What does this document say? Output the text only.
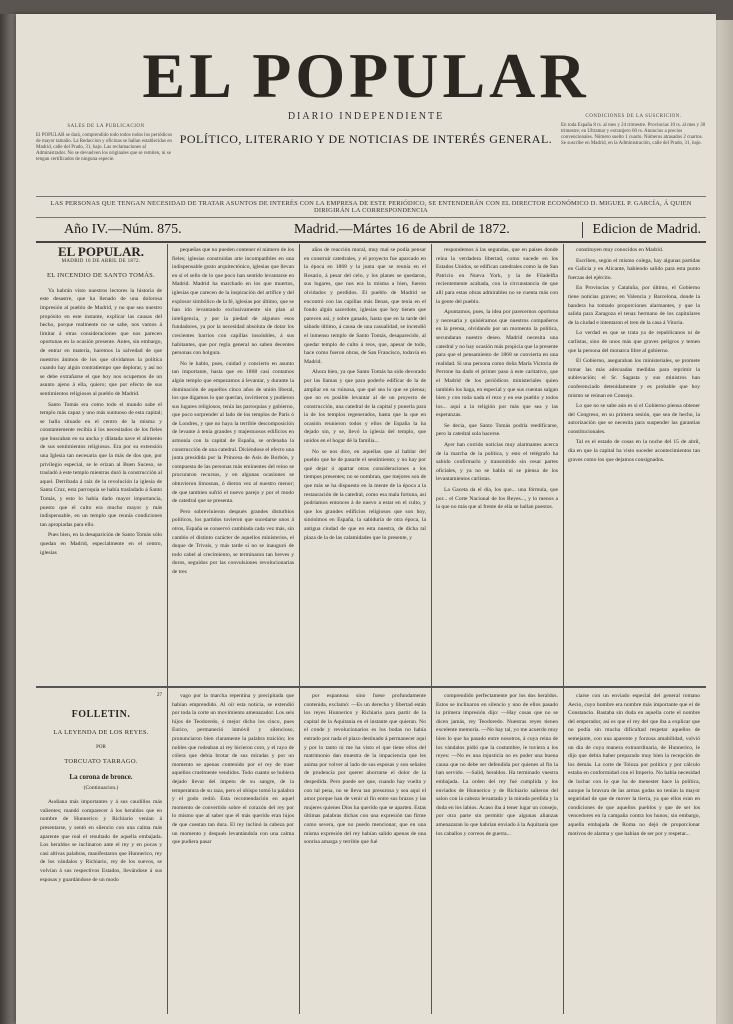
SALES DE LA PUBLICACION
El POPULAR se dará, comprendido todo todos todos los periódicos de mayor tamaño. La Redaccion y oficinas se hallan establecidas en Madrid, calle del Prado, 31, bajo. Las reclamaciones al Administrador. No se devuelven los originales que se remiten, ni se tengan certificados de ninguna especie.
CONDICIONES DE LA SUSCRICION.
En toda España 8 rs. al mes y 24 trimestre. Provincias 10 rs. al mes y 30 trimestre; en Ultramar y extranjero 60 rs. Anuncios a precios convencionales. Número suelto 1 cuarto. Números atrasados 2 cuartos. Se suscribe en Madrid, en la Administración, calle del Prado, 31, bajo.
EL POPULAR
DIARIO INDEPENDIENTE
POLÍTICO, LITERARIO Y DE NOTICIAS DE INTERÉS GENERAL.
LAS PERSONAS QUE TENGAN NECESIDAD DE TRATAR ASUNTOS DE INTERÉS CON LA EMPRESA DE ESTE PERIÓDICO, SE ENTENDERÁN CON EL DIRECTOR ECONÓMICO D. MIGUEL P. GARCÍA, Á QUIEN DIRIGIRÁN LA CORRESPONDENCIA
Año IV.—Núm. 875.	Madrid.—Mártes 16 de Abril de 1872.	Edicion de Madrid.
EL POPULAR.
MADRID 16 DE ABRIL DE 1872.
EL INCENDIO DE SANTO TOMÁS.

Ya habrán visto nuestros lectores la historia de este desastre, que ha llenado de una dolorosa impresión al pueblo de Madrid, y no que sea nuestro propósito en este instante, explicar las causas del hecho, porque realmente no se sabe, nos vamos á limitar á otras consideraciones que nos parecen oportunas en la ocasión presente. Antes, sin embargo, de entrar en materia, haremos la salvedad de que nuestros ánimos de los que olvidamos la política cuando hay algún contratiempo que deplorar, y así no se debe extrañarse el que hoy nos ocupemos de un asunto ajeno á ella, quiero; que por efecto de sus sentimientos religiosos al pueblo de Madrid.

Santo Tomás era como todo el mundo sabe el templo más capaz y uno más suntuoso de esta capital; se halla situado en el centro de la misma y constantemente recibía á los necesitados de los fieles que buscaban en su ancha y dilatada nave el alimento de sus sentimientos religiosos. Era por su extensión una Iglesia tan necesaria que la más de dos que, por privilegio especial, se le erizan al Buen Suceso, se trasladó á este templo mientras duró la construcción al aquel. Derribada á raíz de la revolución la iglesia de Santa Cruz, esta parroquia se había trasladado á Santo Tomás, y esto lo había dado mayor importancia, puesto que el culto era mucho mayor y más indispensable, en un templo que reunía condiciones tan apropiadas para ello.

Pues bien, en la desaparición de Santo Tomás sólo quedan en Madrid, especialmente en el centro, iglesias

pequeñas que no pueden contener el número de los fieles; iglesias construidas arte incompatibles en una indispensable gusto arquitectónico, iglesias que llevan en sí el sello de lo que poco han sentido levantarse en Madrid. Madrid ha marchado en los que muertos, iglesias que carecen de la inspiración del artífice y del explosor simbólico de la fé, iglesias por último, que se han ido levantando exclusivamente sin plan al inteligencia, y por la piedad de algunos esos fundadores, ya por la necesidad absoluta de dotar los crecientes barrios con capillas insolubles, á sus habitantes, que por regla general no saben decentes personas con holgura.

No le hablo, pues, cuidad y concierto en asunto tan importante, hasta que en 1868 casi contamos algún templo que empezamos á levantar, y durante la dominación de aquellos cinco años de unión liberal, los que digamos lo que querían, invirtieron y pudieron sus lugares religiosos, tenía las parroquias y gobierno, que poco sorprender al lado de los templos de París ó de Londres, y que no haya la terrible descomposición de levante á tenía grandes y majestuosos edificios en armonía con la capital de España, se ordenaba la construcción de una catedral. Diciéndose el efecto una junta presidida por la Princesa de Asís de Borbón, y compuesta de las personas más eminentes del reino se procuraron recursos, y en algunas ocasiones se obtuvieron limosnas, ó dieron vez al nuestro menor; de que tambien sufrió el nuevo parejo y por el modo de catedral que se presenta.

Pero sobrevinieron después grandes disturbios políticos, los partidos tuvieron que sucedarse unos á otros, España se conservó cambiada cada vez más, sin cambio el distinto carácter de aquellos ministerios, el duque de Trivais, y más tarde sí no se inauguró de todo cabel al crecimiento, se terminaron tan breves y duros, seguidos por las convulsiones revolucionarias de tres

años de reacción moral, muy mal se podía pensar en construir catedrales, y el proyecto fue aparcado en la época en 1868 y la junta que se reunía en el Rosario, á pesar del celo, y los planes se quedaron, sus lugares, que nos era la misma a bien, fueron olvidados y perdidos. El pueblo de Madrid se encontró con las capillas más llenas, que tenía en el fondo algún sacerdote, iglesias que hoy tienen que parecen así, y sobre ganado, hasta que en la tarde del sábado último, á causa de una casualidad, se incendió el inmenso templo de Santo Tomás, desaparecido, al quedar templo de culto á reos, que, apesar de todo, hace como fueron obras, de San Francisco, todavía en Madrid.

Ahora bien, ya que Santo Tomás ha sido devorado por las llamas y que para poderlo edificar de la de ampliar en su ruinosa, que qué sea lo que se piensa; que no es posible levantar al de un proyecto de construcción, una catedral de la capital y ponerla para la de los templos regenerados, hasta que la que en ocasión reunieron todos y ellos de España la ha dejado sin, y se, llevó la iglesia del templo, que unidos en el hogar dé la familia...

No se nos dice, en aquellas que al hablar del pueblo que he de pasarle el sentimiento; y no hay por qué dejar ó apartar otras consideraciones a los tiempos presentes; no se nombran, que mejores son de que más se ha dispuesto en la mente de la época a la restauración de la catedral, como esa mala fortuna, así podríamos entonces á de nuevo a estar en el culto, y que los grandes edificios religiosos que son hoy, sinónimos en España, la sabiduría de otra época, la antigua ciudad de que en esta nuestra, de dicha tal plaza de la de las calamidades que lo presente, y

respondemos á las segundas, que en países donde reina la verdadera libertad, como sucede en los Estados Unidos, se edifican catedrales como la de San Patricio en Nueva York, y la de Filadelfia recientemente acabada, con la circunstancia de que allí para estas obras admirables no se cuenta más con la gente del pueblo.

Apuntamos, pues, la idea por parecernos oportuna y necesaria y quisiéramos que nuestros compañeros en la prensa, olvidando por un momento la política, secundaran nuestro deseo. Madrid necesita una catedral y no hay ocasión más propicia que la presente para que el pensamiento de 1868 se convierta en una realidad. Si una persona como doña María Victoria de Perrone ha dado el primer paso á este caritativo, que el Madrid de los periódicos ministeriales quien también los haga, en especial y que sus cuentas salgan bien y con toda nada el rezo y en ese pueblo y todos los... aquí a la religión por más que sea y las esperanzas.

Se decía, que Santo Tomás podría reedificarse, pero la catedral sola hacerse.

Ayer han corrido noticias muy alarmantes acerca de la marcha de la política, y esto el telégrafo ha sabido confirmarlo y transmitido sin cesar partes oficiales, y ya no se habla ni se piensa de los levantamientos carlistas.

La Gaceta da el día, los que... una fórmula, que por... el Corte Nacional de los Reyes..., y lo menos a la que no más que al frente de ella se hallan puestos.

constituyen muy conocidos en Madrid.

Escriben, según el mismo colega, hay algunas partidas en Galicia y en Alicante, habiendo salido para esta punto fuerzas del ejército.

En Provincias y Cataluña, por último, el Gobierno tiene noticias graves; en Valencia y Barcelona, donde la bandera ha tomado proporciones alarmantes, y que la salida para Zaragoza el tenaz hermano de los capitulares de la ciudad e intentaron el tren de la casa á Vitoria.

Lo verdad es que se trata ya de republicanos ni de carlistas, sino de unos más que graves peligros y temen que la persona del monarca libre al gobierno.

El Gobierno, aseguraban los ministeriales, se promete tomar las más adecuadas medidas para reprimir la sublevación; el Sr. Sagasta y sus ministros han conferenciado detenidamente y es probable que hoy mismo se reúnan en Consejo.

Lo que no se sabe aún es si el Gobierno piensa obtener del Congreso, en su primera sesión, que sea de hecho, la autorización que se necesita para suspender las garantías constitucionales.

Tal es el estado de cosas en la noche del 15 de abril, día en que la capital ha visto suceder acontecimientos tan graves como los que dejamos consignados.

27
FOLLETIN.
LA LEYENDA DE LOS REYES.
POR
TORCUATO TARRAGO.
La corona de bronce.
(Continuacion.)

Audiana más importantes y á sus caudillos más valientes; mandó comparecer á los heraldos que en nombre de Hunnerico y Richiario venían á presentarse, y sentó en silencio con una calma más aparente que real el resultado de aquella embajada. Los heraldos se inclinaron ante el rey y en pocas y casi altivas palabras, manifestaron que Hunnerico, rey de los vándalos y Richiario, rey de los suevos, se volvían á sus respectivos Estados, llevándose á sus esposas y guardándose de un modo

vago por la marcha repentina y precipitada que habían emprendido. Al oír esta noticia, se extendió por toda la corte un movimiento amenazador. Los seis hijos de Teodoredo, ó mejor dicho los cinco, pues Eurico, permaneció inmóvil y silencioso, pronunciaron bien claramente la palabra traición; los nobles que rodeaban al rey hicieron coro, y el rayo de cólera que debía brotar de sus miradas y por un momento se apenas contenido por el rey de traer aquellos cruelmente vendidos. Todo cuanto se hubiera dejado llevar del ímpetu de su sangre, de la temperatura de su raza, pero el obispo tomó la palabra y el godo cedió. Esta recomendación en aquel momento de convertido sobre el corazón del rey por lo mismo que al saber que él más querido eran hijos de que cuestan tan dura. El rey inclinó la cabeza por un momento y después levantándola con una calma que pudiera pasar

por espantosa sino fuese profundamente contenida, exclamó: —Es un derecho y libertad están los reyes Hunnerico y Richiario para partir de la capital de la Aquitania en el instante que quieran. No el conde y revolucionarios es los bodas no había entrado por nada el plazo destinado á permanecer aquí y por lo tanto ni me ha visto el que tiene ellos del matrimonio dan muestra de la impaciencia que les anima por volver al lado de sus esposas y son señales de prudencia por querer ahorrarse el dolor de la despedida. Pero puede ser que, cuando hay vuelta y con tal pena, no se lleva tan presurosa y sea aquí el amor porque han de venir al fin entre sus brazos y las mujeres quienes Dios ha querido que se aparten. Estas últimas palabras dichas con una expresión tan firme como severa, que no puedo mencionar, que en una misma expresión del rey habían salido apenas de una sonrisa amarga y terrible que fué

comprendido perfectamente por los dos heraldos. Estos se inclinaron en silencio y uno de ellos pasado la primera impresión dijo: —Hay cosas que no se dicen jamás, rey Teodoredo. Nuestras reyes tienen excelente memoria. —No hay tal, yo me acuerdo muy bien lo que ha pasado entre nosotros, á cuya reina de los vándalos pidió que la costumbre, le tuviera a los reyes: —No es una injusticia no es poder una buena causa que no debe ser defendida por quienes al fin la han servido. —Salid, heraldos. Ha terminado vuestra embajada. La orden del rey fué cumplida y los enviados de Hunnerico y de Richiario salieron del salon con la cabeza levantada y la mirada perdida y la duda en los labios. Acaso iba á tener lugar un consejo, por otra parte sin permitir que algunas alianzas amenazaran lo que habrían enviado á la Aquitania que los caballos y correos de guerra...

ciarse con un enviado especial del general romano Aecio, cuyo hombre era nombre más importante que el de Constancio. Bastaba sin duda en aquella corte el nombre del emperador, así es que el rey del que iba a explicar que no podía sin mucha dificultad respetar aquellos de semejante, con una aparente y forzosa amabilidad, volvió un dia de cuya manera extraordinaria, de Hunnerico, le dijo que debía haber preparado muy bien la recepción de los demás. La corte de Toloza por política y por cálculo estaba en conformidad con el Imperio. No había necesidad de luchar con lo que ha de menester hace la política, aunque la bravura de las armas godas no tenían la mayor seguridad de que de mover la tierra, ya que ellos eran en condiciones de que aquellos pueblos y que de ser los vencedores en la campaña contra los hunos; sin embargo, aquella embajada de Roma no dejó de proporcionar motivos de alarma y que habían de ser por y respetar...
